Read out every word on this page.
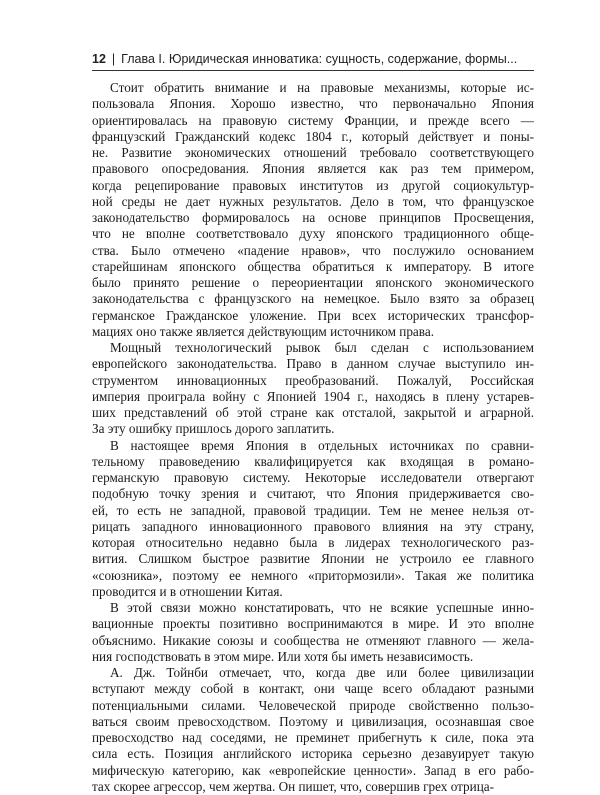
12 | Глава I. Юридическая инноватика: сущность, содержание, формы...
Стоит обратить внимание и на правовые механизмы, которые ис-
пользовала Япония. Хорошо известно, что первоначально Япония
ориентировалась на правовую систему Франции, и прежде всего —
французский Гражданский кодекс 1804 г., который действует и поны-
не. Развитие экономических отношений требовало соответствующего
правового опосредования. Япония является как раз тем примером,
когда рецепирование правовых институтов из другой социокультур-
ной среды не дает нужных результатов. Дело в том, что французское
законодательство формировалось на основе принципов Просвещения,
что не вполне соответствовало духу японского традиционного обще-
ства. Было отмечено «падение нравов», что послужило основанием
старейшинам японского общества обратиться к императору. В итоге
было принято решение о переориентации японского экономического
законодательства с французского на немецкое. Было взято за образец
германское Гражданское уложение. При всех исторических трансфор-
мациях оно также является действующим источником права.
Мощный технологический рывок был сделан с использованием
европейского законодательства. Право в данном случае выступило ин-
струментом инновационных преобразований. Пожалуй, Российская
империя проиграла войну с Японией 1904 г., находясь в плену устарев-
ших представлений об этой стране как отсталой, закрытой и аграрной.
За эту ошибку пришлось дорого заплатить.
В настоящее время Япония в отдельных источниках по сравни-
тельному правоведению квалифицируется как входящая в романо-
германскую правовую систему. Некоторые исследователи отвергают
подобную точку зрения и считают, что Япония придерживается сво-
ей, то есть не западной, правовой традиции. Тем не менее нельзя от-
рицать западного инновационного правового влияния на эту страну,
которая относительно недавно была в лидерах технологического раз-
вития. Слишком быстрое развитие Японии не устроило ее главного
«союзника», поэтому ее немного «притормозили». Такая же политика
проводится и в отношении Китая.
В этой связи можно констатировать, что не всякие успешные инно-
вационные проекты позитивно воспринимаются в мире. И это вполне
объяснимо. Никакие союзы и сообщества не отменяют главного — жела-
ния господствовать в этом мире. Или хотя бы иметь независимость.
А. Дж. Тойнби отмечает, что, когда две или более цивилизации
вступают между собой в контакт, они чаще всего обладают разными
потенциальными силами. Человеческой природе свойственно пользо-
ваться своим превосходством. Поэтому и цивилизация, осознавшая свое
превосходство над соседями, не преминет прибегнуть к силе, пока эта
сила есть. Позиция английского историка серьезно дезавуирует такую
мифическую категорию, как «европейские ценности». Запад в его рабо-
тах скорее агрессор, чем жертва. Он пишет, что, совершив грех отрица-
